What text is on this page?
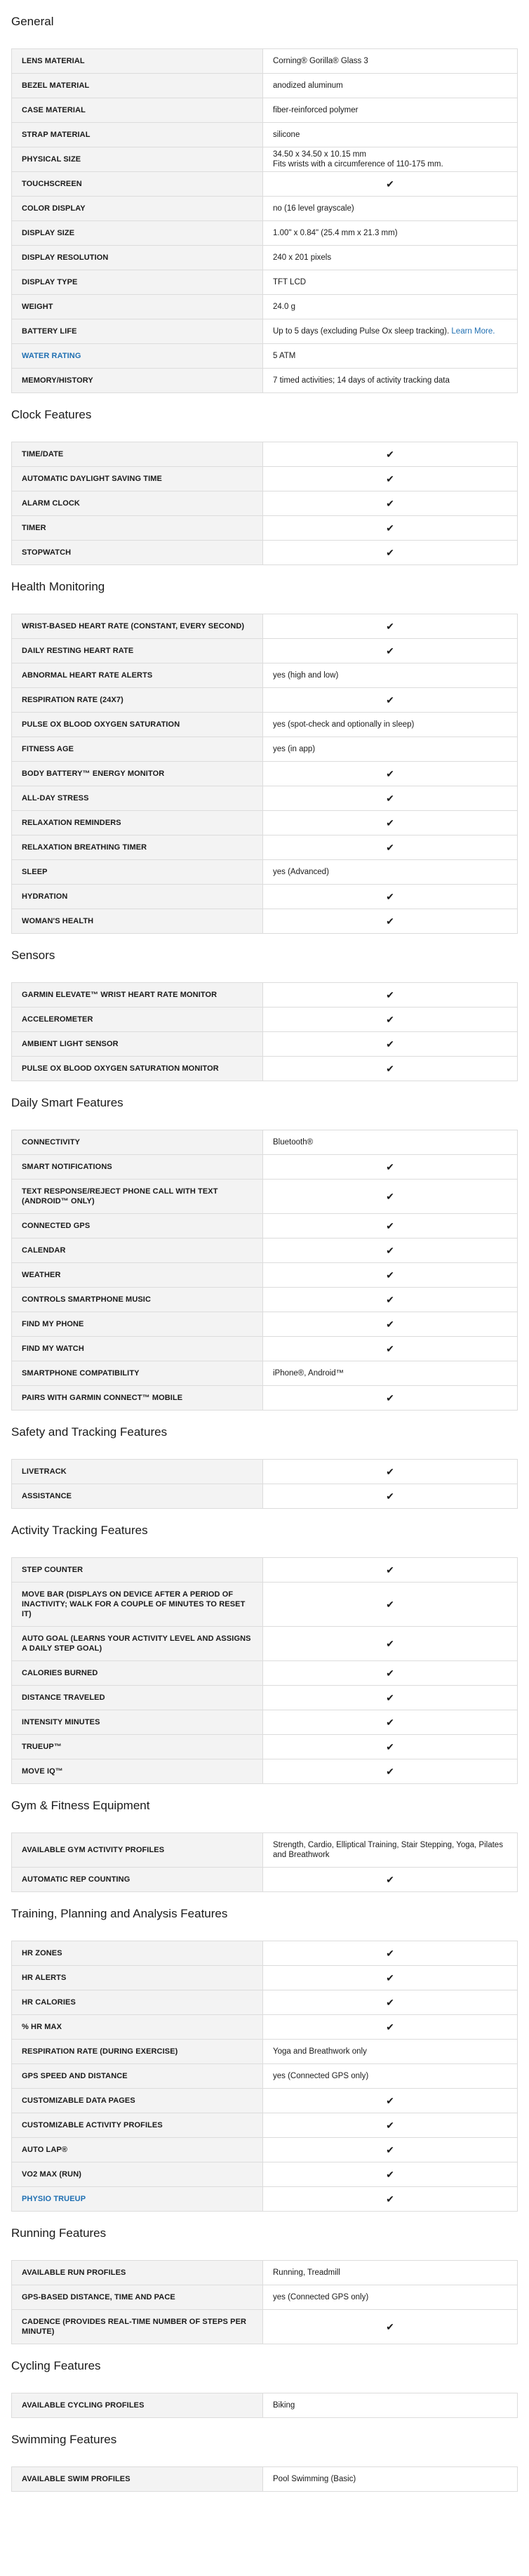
General
LENS MATERIAL	Corning® Gorilla® Glass 3
BEZEL MATERIAL	anodized aluminum
CASE MATERIAL	fiber-reinforced polymer
STRAP MATERIAL	silicone
PHYSICAL SIZE	34.50 x 34.50 x 10.15 mm
Fits wrists with a circumference of 110-175 mm.
TOUCHSCREEN	✔
COLOR DISPLAY	no (16 level grayscale)
DISPLAY SIZE	1.00" x 0.84" (25.4 mm x 21.3 mm)
DISPLAY RESOLUTION	240 x 201 pixels
DISPLAY TYPE	TFT LCD
WEIGHT	24.0 g
BATTERY LIFE	Up to 5 days (excluding Pulse Ox sleep tracking). Learn More.
WATER RATING	5 ATM
MEMORY/HISTORY	7 timed activities; 14 days of activity tracking data
Clock Features
TIME/DATE	✔
AUTOMATIC DAYLIGHT SAVING TIME	✔
ALARM CLOCK	✔
TIMER	✔
STOPWATCH	✔
Health Monitoring
WRIST-BASED HEART RATE (CONSTANT, EVERY SECOND)	✔
DAILY RESTING HEART RATE	✔
ABNORMAL HEART RATE ALERTS	yes (high and low)
RESPIRATION RATE (24X7)	✔
PULSE OX BLOOD OXYGEN SATURATION	yes (spot-check and optionally in sleep)
FITNESS AGE	yes (in app)
BODY BATTERY™ ENERGY MONITOR	✔
ALL-DAY STRESS	✔
RELAXATION REMINDERS	✔
RELAXATION BREATHING TIMER	✔
SLEEP	yes (Advanced)
HYDRATION	✔
WOMAN'S HEALTH	✔
Sensors
GARMIN ELEVATE™ WRIST HEART RATE MONITOR	✔
ACCELEROMETER	✔
AMBIENT LIGHT SENSOR	✔
PULSE OX BLOOD OXYGEN SATURATION MONITOR	✔
Daily Smart Features
CONNECTIVITY	Bluetooth®
SMART NOTIFICATIONS	✔
TEXT RESPONSE/REJECT PHONE CALL WITH TEXT (ANDROID™ ONLY)	✔
CONNECTED GPS	✔
CALENDAR	✔
WEATHER	✔
CONTROLS SMARTPHONE MUSIC	✔
FIND MY PHONE	✔
FIND MY WATCH	✔
SMARTPHONE COMPATIBILITY	iPhone®, Android™
PAIRS WITH GARMIN CONNECT™ MOBILE	✔
Safety and Tracking Features
LIVETRACK	✔
ASSISTANCE	✔
Activity Tracking Features
STEP COUNTER	✔
MOVE BAR (DISPLAYS ON DEVICE AFTER A PERIOD OF INACTIVITY; WALK FOR A COUPLE OF MINUTES TO RESET IT)	✔
AUTO GOAL (LEARNS YOUR ACTIVITY LEVEL AND ASSIGNS A DAILY STEP GOAL)	✔
CALORIES BURNED	✔
DISTANCE TRAVELED	✔
INTENSITY MINUTES	✔
TRUEUP™	✔
MOVE IQ™	✔
Gym & Fitness Equipment
AVAILABLE GYM ACTIVITY PROFILES	Strength, Cardio, Elliptical Training, Stair Stepping, Yoga, Pilates and Breathwork
AUTOMATIC REP COUNTING	✔
Training, Planning and Analysis Features
HR ZONES	✔
HR ALERTS	✔
HR CALORIES	✔
% HR MAX	✔
RESPIRATION RATE (DURING EXERCISE)	Yoga and Breathwork only
GPS SPEED AND DISTANCE	yes (Connected GPS only)
CUSTOMIZABLE DATA PAGES	✔
CUSTOMIZABLE ACTIVITY PROFILES	✔
AUTO LAP®	✔
VO2 MAX (RUN)	✔
PHYSIO TRUEUP	✔
Running Features
AVAILABLE RUN PROFILES	Running, Treadmill
GPS-BASED DISTANCE, TIME AND PACE	yes (Connected GPS only)
CADENCE (PROVIDES REAL-TIME NUMBER OF STEPS PER MINUTE)	✔
Cycling Features
AVAILABLE CYCLING PROFILES	Biking
Swimming Features
AVAILABLE SWIM PROFILES	Pool Swimming (Basic)
